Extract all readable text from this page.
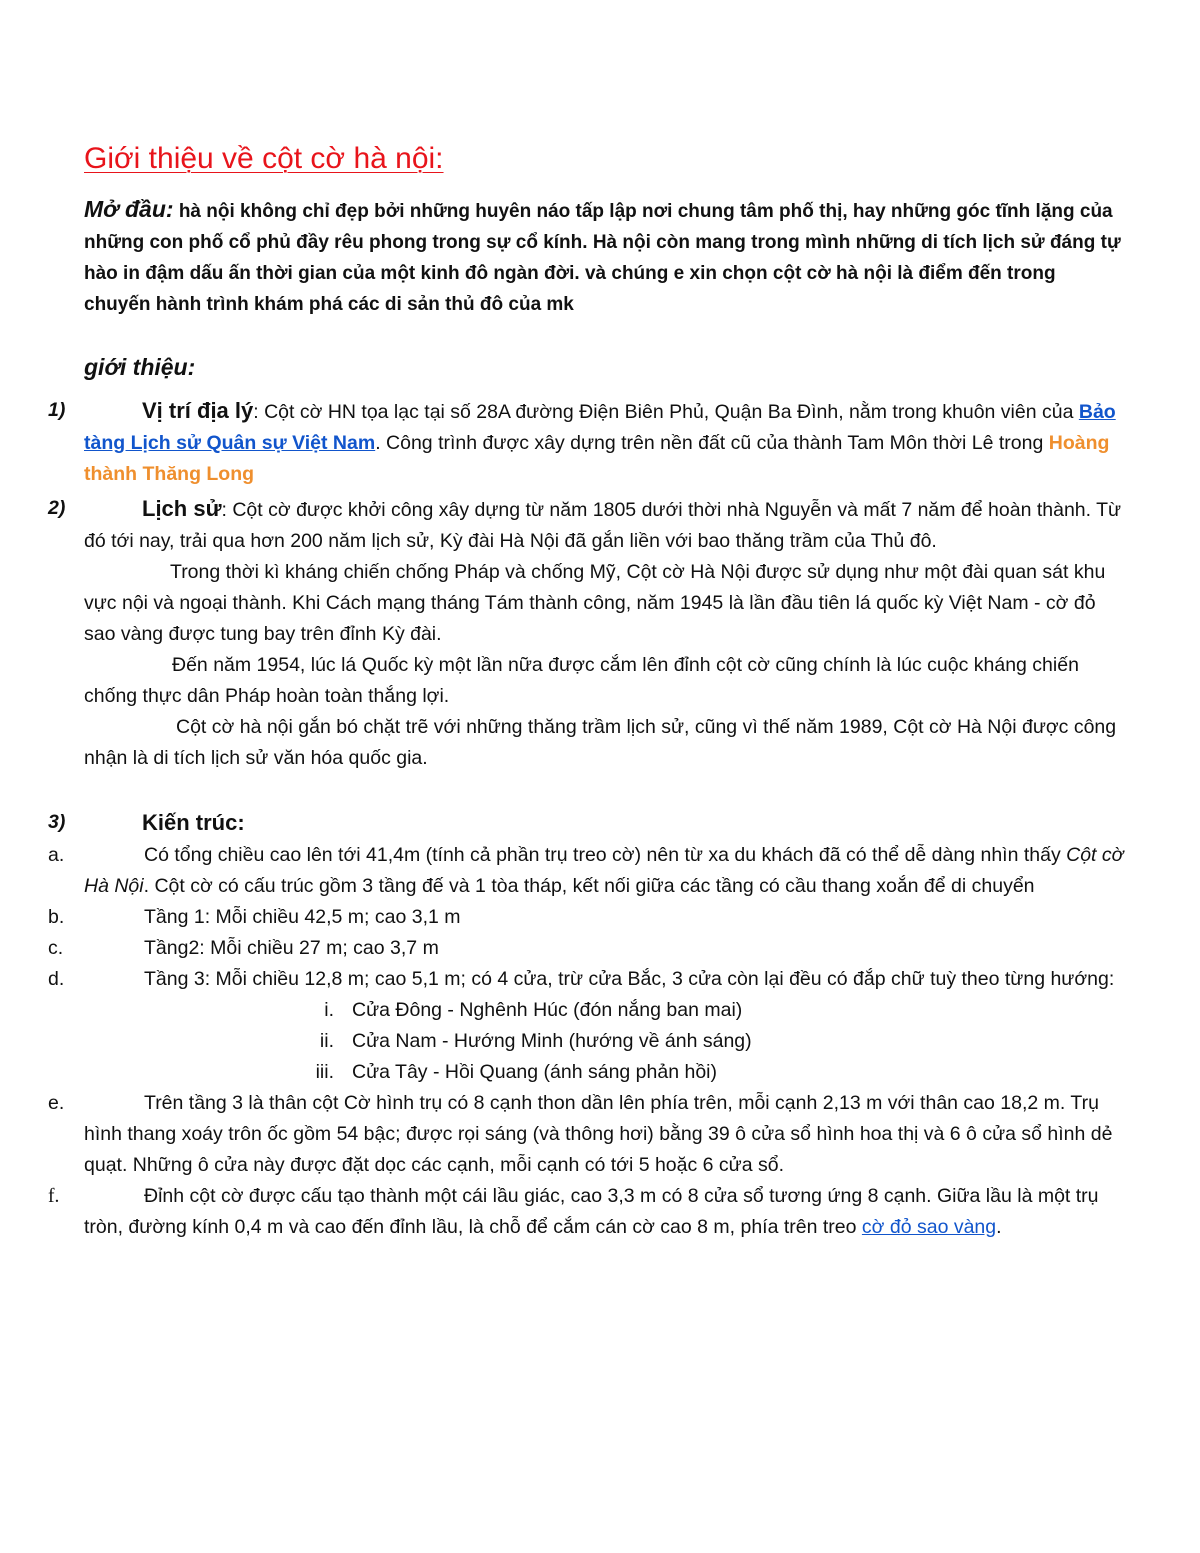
Giới thiệu về cột cờ hà nội:

Mở đầu: hà nội không chỉ đẹp bởi những huyên náo tấp lập nơi chung tâm phố thị, hay những góc tĩnh lặng của những con phố cổ phủ đầy rêu phong trong sự cổ kính. Hà nội còn mang trong mình những di tích lịch sử đáng tự hào in đậm dấu ấn thời gian của một kinh đô ngàn đời. và chúng e xin chọn cột cờ hà nội là điểm đến trong chuyến hành trình khám phá các di sản thủ đô của mk

giới thiệu:
1)	Vị trí địa lý: Cột cờ HN tọa lạc tại số 28A đường Điện Biên Phủ, Quận Ba Đình, nằm trong khuôn viên của Bảo tàng Lịch sử Quân sự Việt Nam. Công trình được xây dựng trên nền đất cũ của thành Tam Môn thời Lê trong Hoàng thành Thăng Long
2)	Lịch sử: Cột cờ được khởi công xây dựng từ năm 1805 dưới thời nhà Nguyễn và mất 7 năm để hoàn thành. Từ đó tới nay, trải qua hơn 200 năm lịch sử, Kỳ đài Hà Nội đã gắn liền với bao thăng trầm của Thủ đô.
Trong thời kì kháng chiến chống Pháp và chống Mỹ, Cột cờ Hà Nội được sử dụng như một đài quan sát khu vực nội và ngoại thành. Khi Cách mạng tháng Tám thành công, năm 1945 là lần đầu tiên lá quốc kỳ Việt Nam - cờ đỏ sao vàng được tung bay trên đỉnh Kỳ đài.
Đến năm 1954, lúc lá Quốc kỳ một lần nữa được cắm lên đỉnh cột cờ cũng chính là lúc cuộc kháng chiến chống thực dân Pháp hoàn toàn thắng lợi.
Cột cờ hà nội gắn bó chặt trẽ với những thăng trầm lịch sử, cũng vì thế năm 1989, Cột cờ Hà Nội được công nhận là di tích lịch sử văn hóa quốc gia.
3)	Kiến trúc:
a.	Có tổng chiều cao lên tới 41,4m (tính cả phần trụ treo cờ) nên từ xa du khách đã có thể dễ dàng nhìn thấy Cột cờ Hà Nội. Cột cờ có cấu trúc gồm 3 tầng đế và 1 tòa tháp, kết nối giữa các tầng có cầu thang xoắn để di chuyển
b.	Tầng 1: Mỗi chiều 42,5 m; cao 3,1 m
c.	Tầng2: Mỗi chiều 27 m; cao 3,7 m
d.	Tầng 3: Mỗi chiều 12,8 m; cao 5,1 m; có 4 cửa, trừ cửa Bắc, 3 cửa còn lại đều có đắp chữ tuỳ theo từng hướng:
i. Cửa Đông - Nghênh Húc (đón nắng ban mai)
ii. Cửa Nam - Hướng Minh (hướng về ánh sáng)
iii. Cửa Tây - Hồi Quang (ánh sáng phản hồi)
e.	Trên tầng 3 là thân cột Cờ hình trụ có 8 cạnh thon dần lên phía trên, mỗi cạnh 2,13 m với thân cao 18,2 m. Trụ hình thang xoáy trôn ốc gồm 54 bậc; được rọi sáng (và thông hơi) bằng 39 ô cửa sổ hình hoa thị và 6 ô cửa sổ hình dẻ quạt. Những ô cửa này được đặt dọc các cạnh, mỗi cạnh có tới 5 hoặc 6 cửa sổ.
f.	Đỉnh cột cờ được cấu tạo thành một cái lầu giác, cao 3,3 m có 8 cửa sổ tương ứng 8 cạnh. Giữa lầu là một trụ tròn, đường kính 0,4 m và cao đến đỉnh lầu, là chỗ để cắm cán cờ cao 8 m, phía trên treo cờ đỏ sao vàng.
